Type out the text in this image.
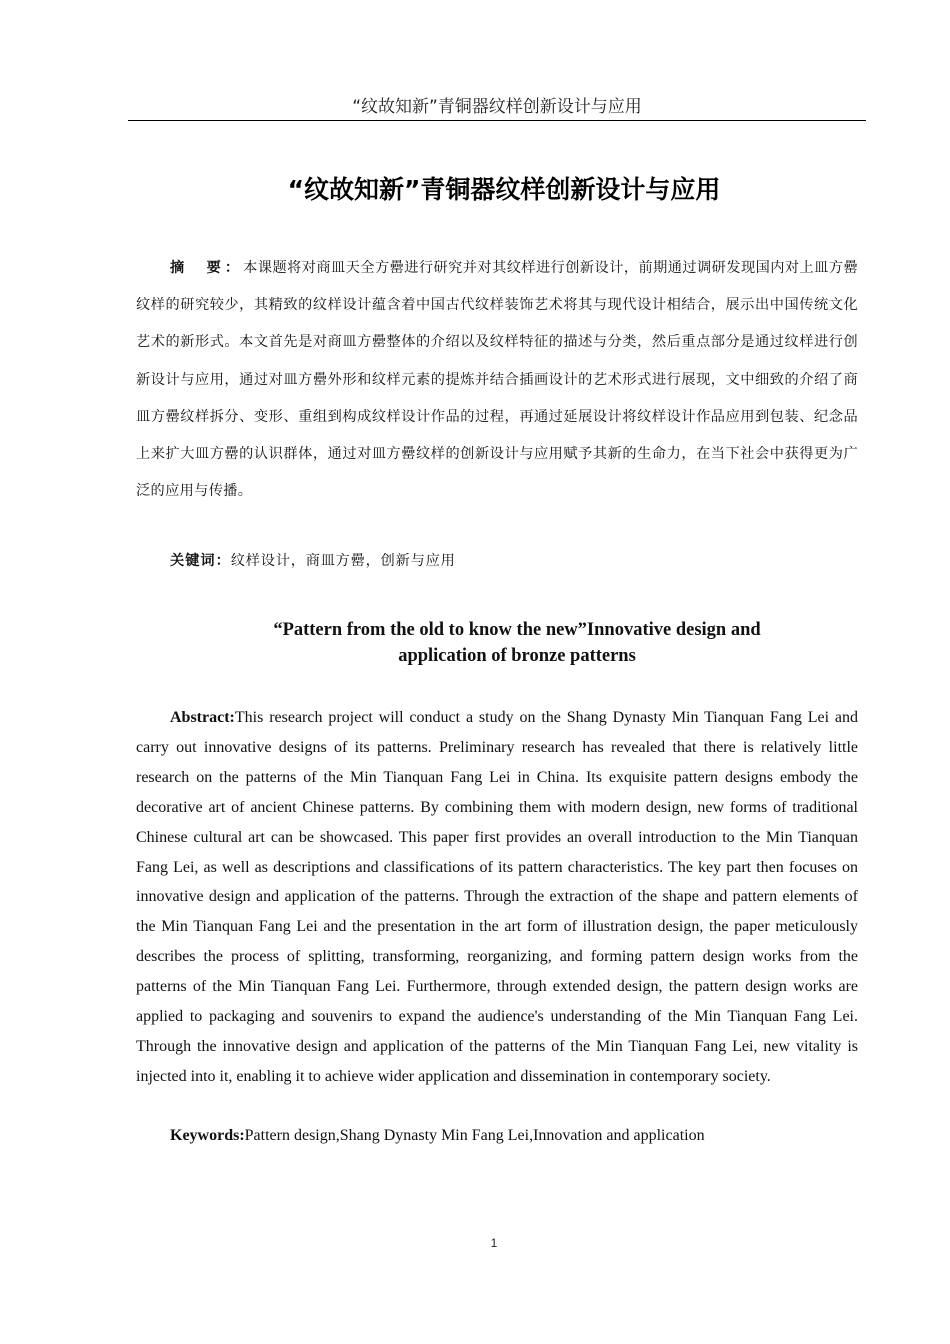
“纹故知新”青铜器纹样创新设计与应用
“纹故知新”青铜器纹样创新设计与应用

摘　要：本课题将对商皿天全方罍进行研究并对其纹样进行创新设计，前期通过调研发现国内对上皿方罍纹样的研究较少，其精致的纹样设计蕴含着中国古代纹样装饰艺术将其与现代设计相结合，展示出中国传统文化艺术的新形式。本文首先是对商皿方罍整体的介绍以及纹样特征的描述与分类，然后重点部分是通过纹样进行创新设计与应用，通过对皿方罍外形和纹样元素的提炼并结合插画设计的艺术形式进行展现，文中细致的介绍了商皿方罍纹样拆分、变形、重组到构成纹样设计作品的过程，再通过延展设计将纹样设计作品应用到包装、纪念品上来扩大皿方罍的认识群体，通过对皿方罍纹样的创新设计与应用赋予其新的生命力，在当下社会中获得更为广泛的应用与传播。

关键词：纹样设计，商皿方罍，创新与应用
“Pattern from the old to know the new”Innovative design and
application of bronze patterns

Abstract:This research project will conduct a study on the Shang Dynasty Min Tianquan Fang Lei and carry out innovative designs of its patterns. Preliminary research has revealed that there is relatively little research on the patterns of the Min Tianquan Fang Lei in China. Its exquisite pattern designs embody the decorative art of ancient Chinese patterns. By combining them with modern design, new forms of traditional Chinese cultural art can be showcased. This paper first provides an overall introduction to the Min Tianquan Fang Lei, as well as descriptions and classifications of its pattern characteristics. The key part then focuses on innovative design and application of the patterns. Through the extraction of the shape and pattern elements of the Min Tianquan Fang Lei and the presentation in the art form of illustration design, the paper meticulously describes the process of splitting, transforming, reorganizing, and forming pattern design works from the patterns of the Min Tianquan Fang Lei. Furthermore, through extended design, the pattern design works are applied to packaging and souvenirs to expand the audience's understanding of the Min Tianquan Fang Lei. Through the innovative design and application of the patterns of the Min Tianquan Fang Lei, new vitality is injected into it, enabling it to achieve wider application and dissemination in contemporary society.

Keywords:Pattern design,Shang Dynasty Min Fang Lei,Innovation and application
1
